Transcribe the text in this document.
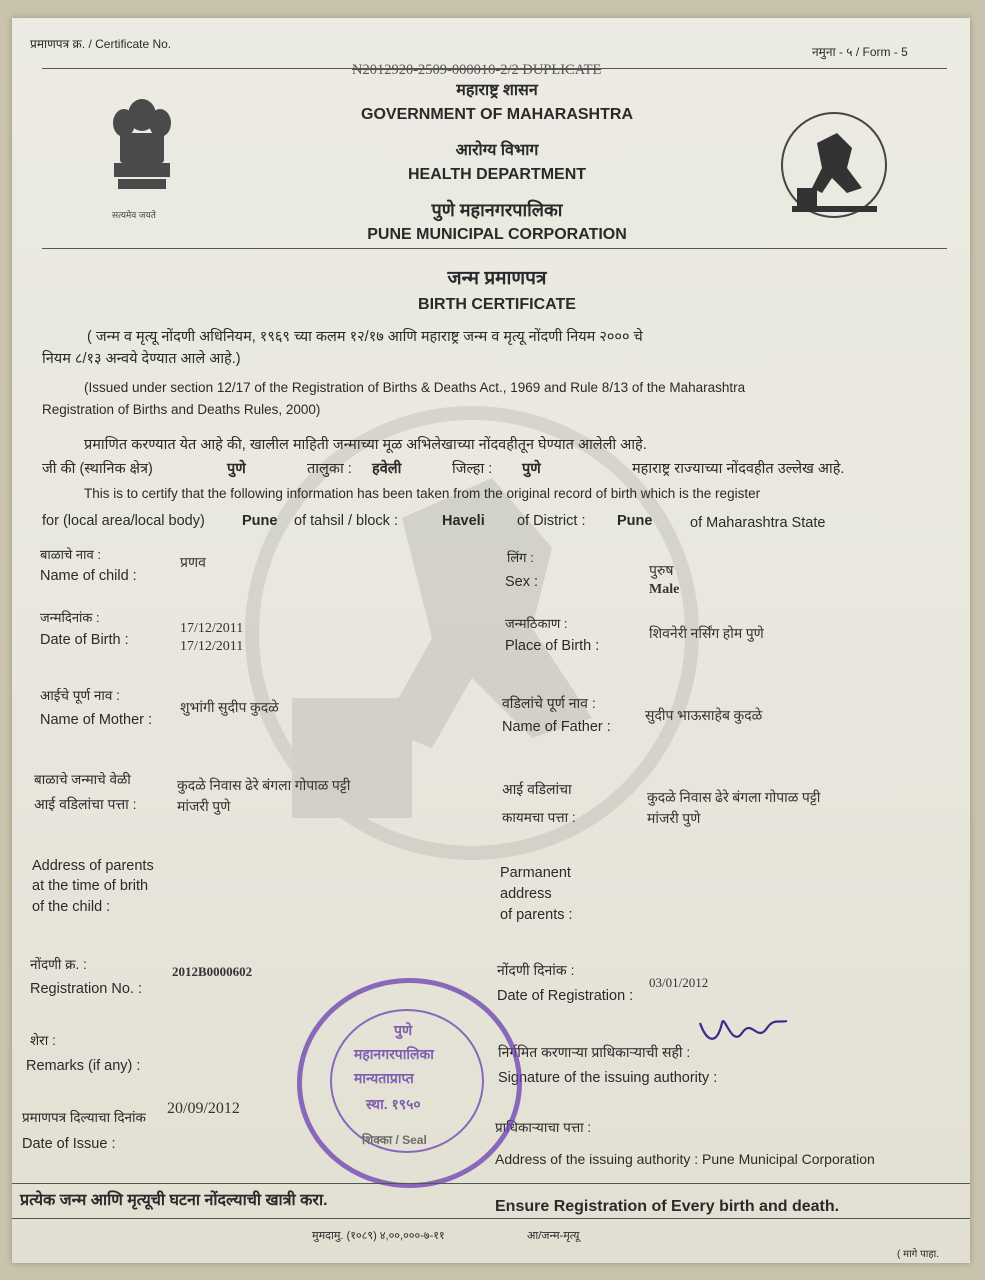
प्रमाणपत्र क्र. / Certificate No.
नमुना - ५ / Form - 5
N2012920-2509-000010-2/2 DUPLICATE
महाराष्ट्र शासन
GOVERNMENT OF MAHARASHTRA
आरोग्य विभाग
HEALTH DEPARTMENT
पुणे महानगरपालिका
PUNE MUNICIPAL CORPORATION
सत्यमेव जयते
जन्म प्रमाणपत्र
BIRTH CERTIFICATE
( जन्म व मृत्यू नोंदणी अधिनियम, १९६९ च्या कलम १२/१७ आणि महाराष्ट्र जन्म व मृत्यू नोंदणी नियम २००० चे
नियम ८/१३ अन्वये देण्यात आले आहे.)
(Issued under section 12/17 of the Registration of Births & Deaths Act., 1969 and Rule 8/13 of the Maharashtra
Registration of Births and Deaths Rules, 2000)
प्रमाणित करण्यात येत आहे की, खालील माहिती जन्माच्या मूळ अभिलेखाच्या नोंदवहीतून घेण्यात आलेली आहे.
जी की (स्थानिक क्षेत्र)	पुणे	तालुका : हवेली	जिल्हा : पुणे	महाराष्ट्र राज्याच्या नोंदवहीत उल्लेख आहे.
This is to certify that the following information has been taken from the original record of birth which is the register
for (local area/local body)	Pune of tahsil / block :	Haveli of District : Pune	of Maharashtra State
बाळाचे नाव :
Name of child :
प्रणव	लिंग :
Sex :
पुरुष
Male
जन्मदिनांक :
Date of Birth :
17/12/2011
17/12/2011
जन्मठिकाण :
Place of Birth :
शिवनेरी नर्सिंग होम पुणे
आईचे पूर्ण नाव :
Name of Mother :
शुभांगी सुदीप कुदळे	वडिलांचे पूर्ण नाव :
Name of Father :
सुदीप भाऊसाहेब कुदळे
बाळाचे जन्माचे वेळी
आई वडिलांचा पत्ता :
कुदळे निवास ढेरे बंगला गोपाळ पट्टी
मांजरी पुणे
Address of parents
at the time of brith
of the child :
आई वडिलांचा
कायमचा पत्ता :
कुदळे निवास ढेरे बंगला गोपाळ पट्टी
मांजरी पुणे
Parmanent
address
of parents :
नोंदणी क्र. :
Registration No. :
2012B0000602	नोंदणी दिनांक :
Date of Registration :
03/01/2012
शेरा :
Remarks (if any) :
निर्गमित करणाऱ्या प्राधिकाऱ्याची सही :
Signature of the issuing authority :
प्रमाणपत्र दिल्याचा दिनांक
20/09/2012
Date of Issue :
प्राधिकाऱ्याचा पत्ता :
Address of the issuing authority : Pune Municipal Corporation
पुणे
महानगरपालिका
मान्यताप्राप्त
स्था. १९५०
शिक्का / Seal
प्रत्येक जन्म आणि मृत्यूची घटना नोंदल्याची खात्री करा.	Ensure Registration of Every birth and death.
मुमदामु. (१०८९) ४,००,०००-७-११	आ/जन्म-मृत्यू
( मागे पाहा.
